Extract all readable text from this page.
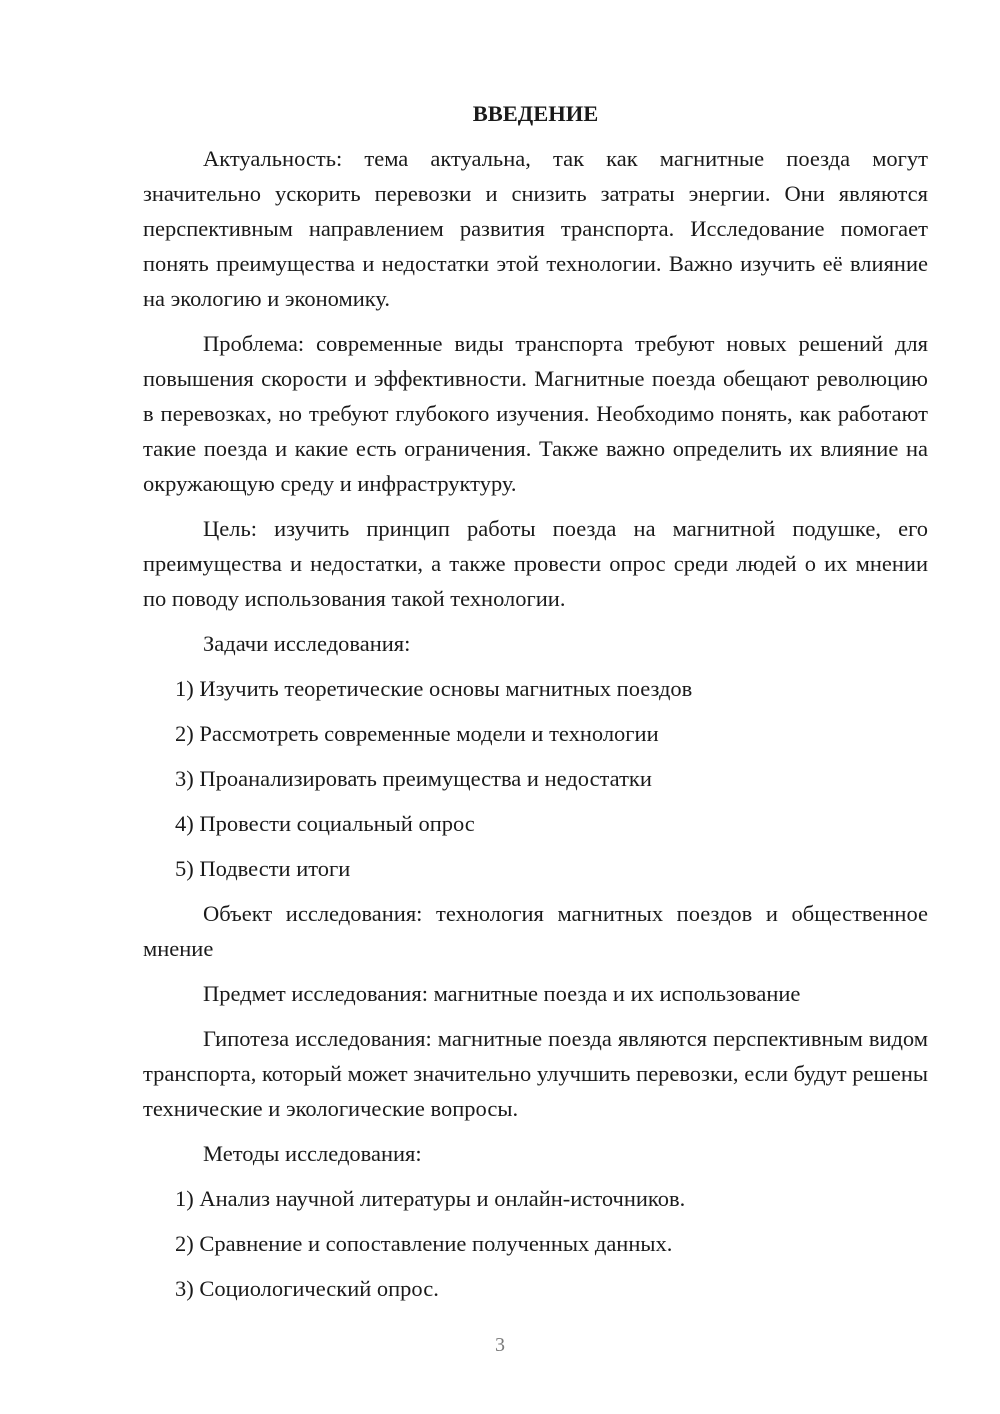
ВВЕДЕНИЕ

Актуальность: тема актуальна, так как магнитные поезда могут значительно ускорить перевозки и снизить затраты энергии. Они являются перспективным направлением развития транспорта. Исследование помогает понять преимущества и недостатки этой технологии. Важно изучить её влияние на экологию и экономику.

Проблема: современные виды транспорта требуют новых решений для повышения скорости и эффективности. Магнитные поезда обещают революцию в перевозках, но требуют глубокого изучения. Необходимо понять, как работают такие поезда и какие есть ограничения. Также важно определить их влияние на окружающую среду и инфраструктуру.

Цель: изучить принцип работы поезда на магнитной подушке, его преимущества и недостатки, а также провести опрос среди людей о их мнении по поводу использования такой технологии.

Задачи исследования:
1) Изучить теоретические основы магнитных поездов
2) Рассмотреть современные модели и технологии
3) Проанализировать преимущества и недостатки
4) Провести социальный опрос
5) Подвести итоги

Объект исследования: технология магнитных поездов и общественное мнение

Предмет исследования: магнитные поезда и их использование

Гипотеза исследования: магнитные поезда являются перспективным видом транспорта, который может значительно улучшить перевозки, если будут решены технические и экологические вопросы.

Методы исследования:
1) Анализ научной литературы и онлайн-источников.
2) Сравнение и сопоставление полученных данных.
3) Социологический опрос.
3
